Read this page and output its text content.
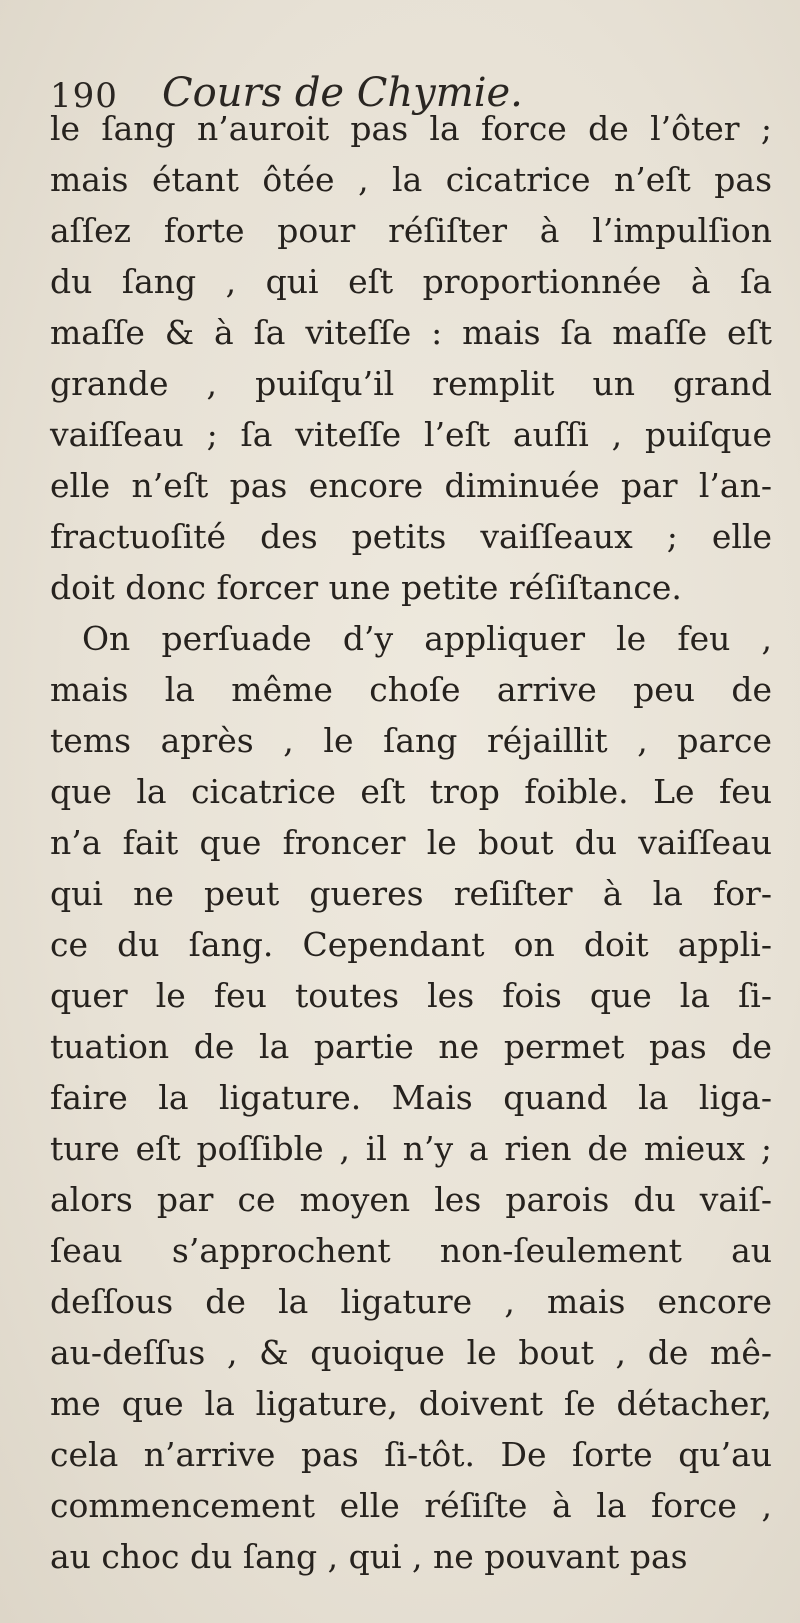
190 Cours de Chymie.
le ſang n’auroit pas la force de l’ôter ;
mais étant ôtée , la cicatrice n’eſt pas
aſſez forte pour réſiſter à l’impulſion
du ſang , qui eſt proportionnée à ſa
maſſe & à ſa viteſſe : mais ſa maſſe eſt
grande , puiſqu’il remplit un grand
vaiſſeau ; ſa viteſſe l’eſt auſſi , puiſque
elle n’eſt pas encore diminuée par l’an-
fractuoſité des petits vaiſſeaux ; elle
doit donc forcer une petite réſiſtance.
On perſuade d’y appliquer le feu ,
mais la même choſe arrive peu de
tems après , le ſang réjaillit , parce
que la cicatrice eſt trop foible. Le feu
n’a fait que froncer le bout du vaiſſeau
qui ne peut gueres reſiſter à la for-
ce du ſang. Cependant on doit appli-
quer le feu toutes les fois que la ſi-
tuation de la partie ne permet pas de
faire la ligature. Mais quand la liga-
ture eſt poſſible , il n’y a rien de mieux ;
alors par ce moyen les parois du vaiſ-
ſeau s’approchent non-ſeulement au
deſſous de la ligature , mais encore
au-deſſus , & quoique le bout , de mê-
me que la ligature, doivent ſe détacher,
cela n’arrive pas ſi-tôt. De ſorte qu’au
commencement elle réſiſte à la force ,
au choc du ſang , qui , ne pouvant pas
